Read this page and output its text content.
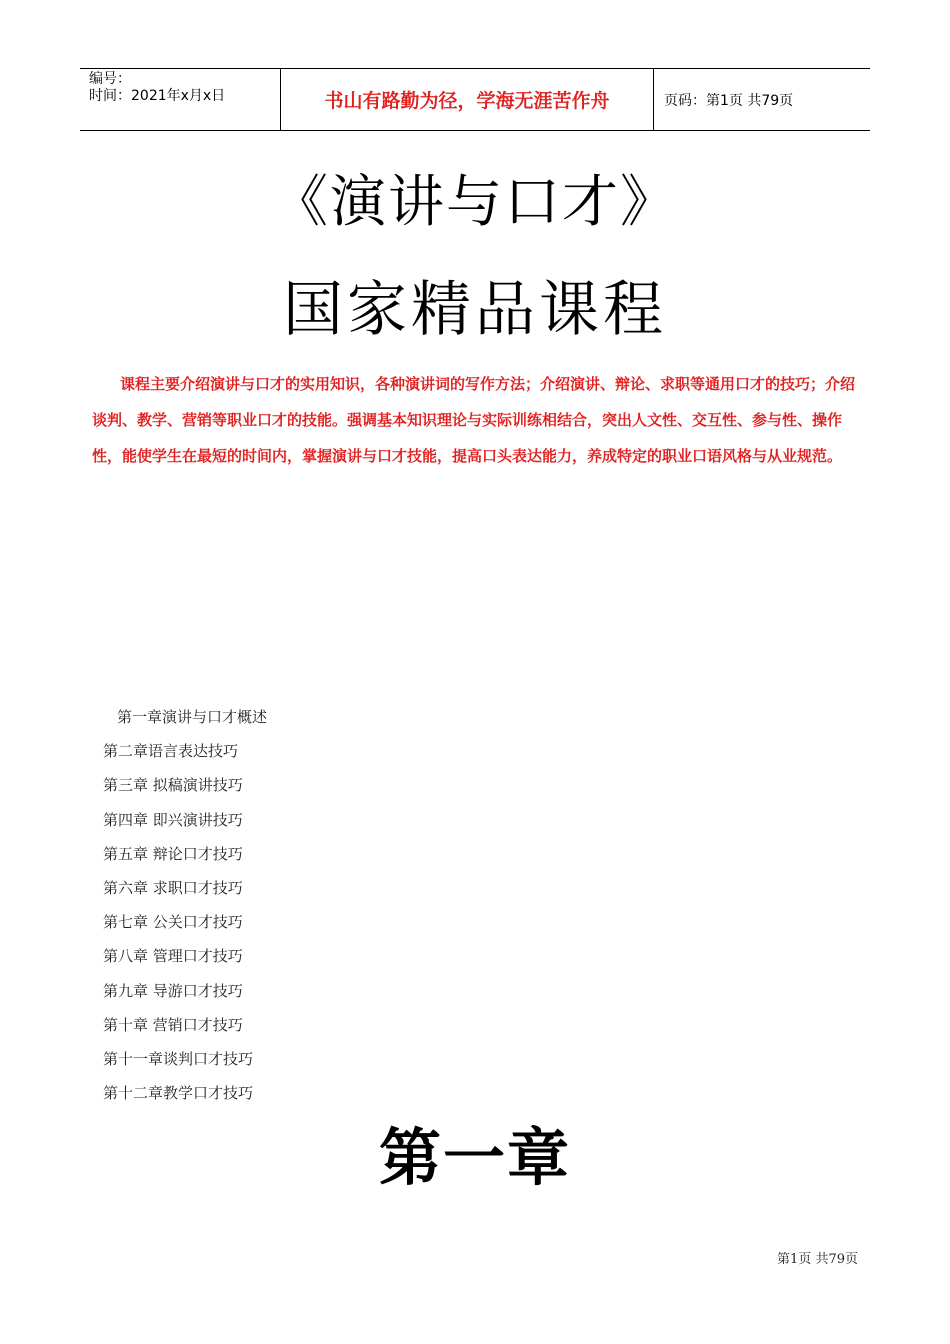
编号：
时间：2021年x月x日	书山有路勤为径，学海无涯苦作舟	页码：第1页 共79页
《演讲与口才》
国家精品课程

课程主要介绍演讲与口才的实用知识，各种演讲词的写作方法；介绍演讲、辩论、求职等通用口才的技巧；介绍谈判、教学、营销等职业口才的技能。强调基本知识理论与实际训练相结合，突出人文性、交互性、参与性、操作性，能使学生在最短的时间内，掌握演讲与口才技能，提高口头表达能力，养成特定的职业口语风格与从业规范。

第一章演讲与口才概述
第二章语言表达技巧
第三章 拟稿演讲技巧
第四章 即兴演讲技巧
第五章 辩论口才技巧
第六章 求职口才技巧
第七章 公关口才技巧
第八章 管理口才技巧
第九章 导游口才技巧
第十章 营销口才技巧
第十一章谈判口才技巧
第十二章教学口才技巧
第一章
第1页 共79页
